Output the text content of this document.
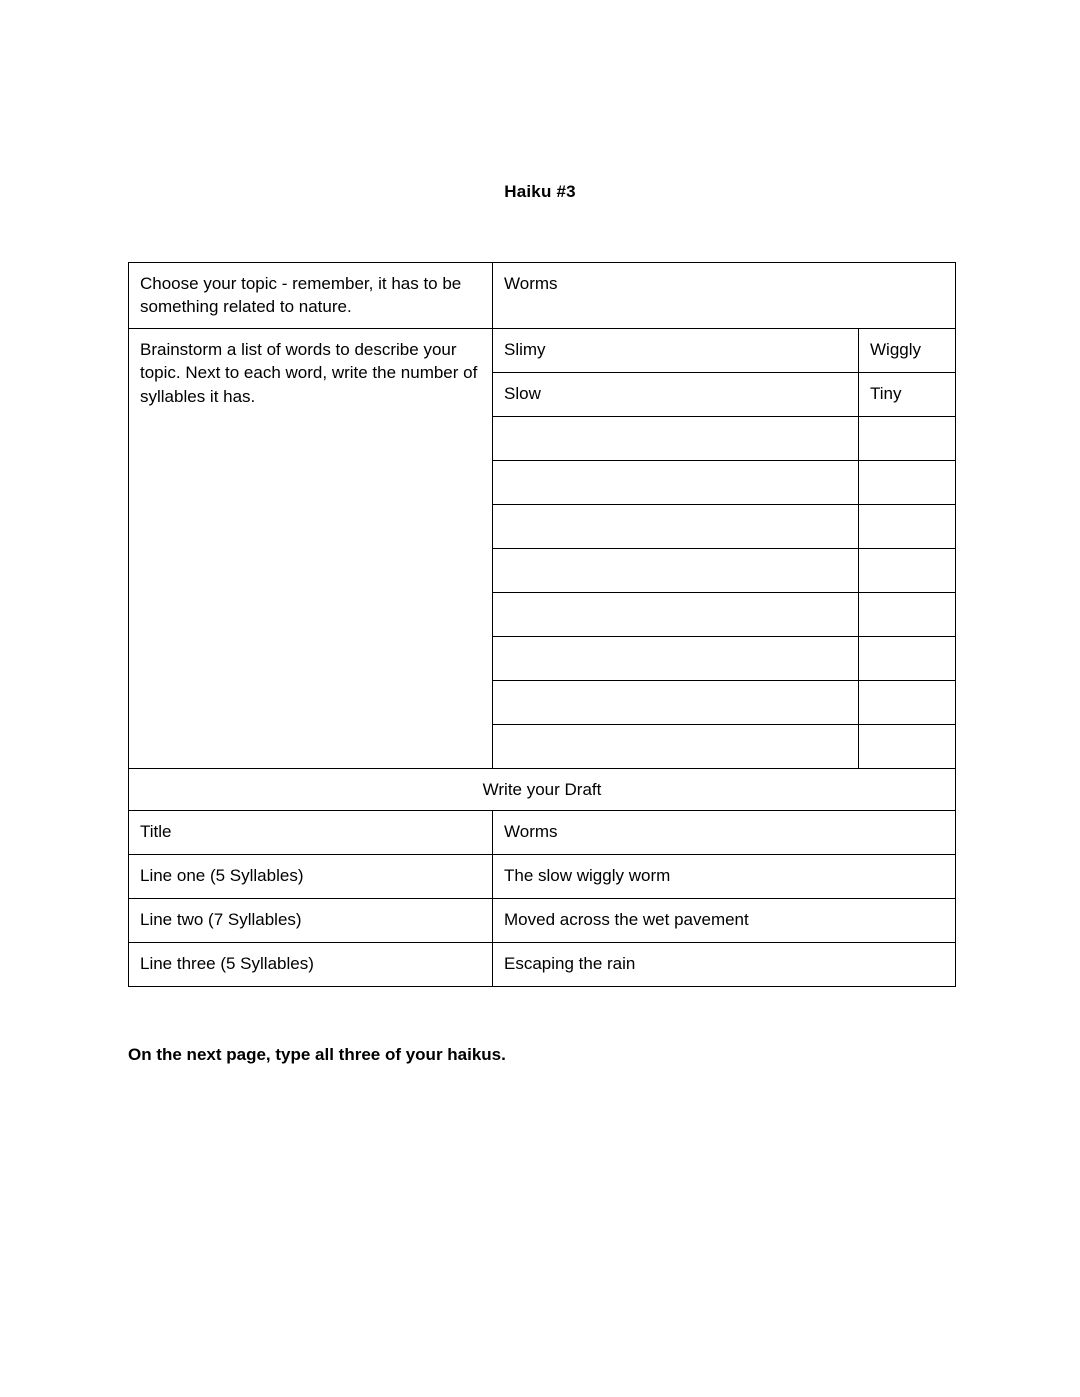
Haiku #3
Choose your topic - remember, it has to be something related to nature.	Worms	
Brainstorm a list of words to describe your topic. Next to each word, write the number of syllables it has.	Slimy	Wiggly
	Slow	Tiny

Write your Draft		
Title	Worms	
Line one (5 Syllables)	The slow wiggly worm	
Line two (7 Syllables)	Moved across the wet pavement	
Line three (5 Syllables)	Escaping the rain	

On the next page, type all three of your haikus.
